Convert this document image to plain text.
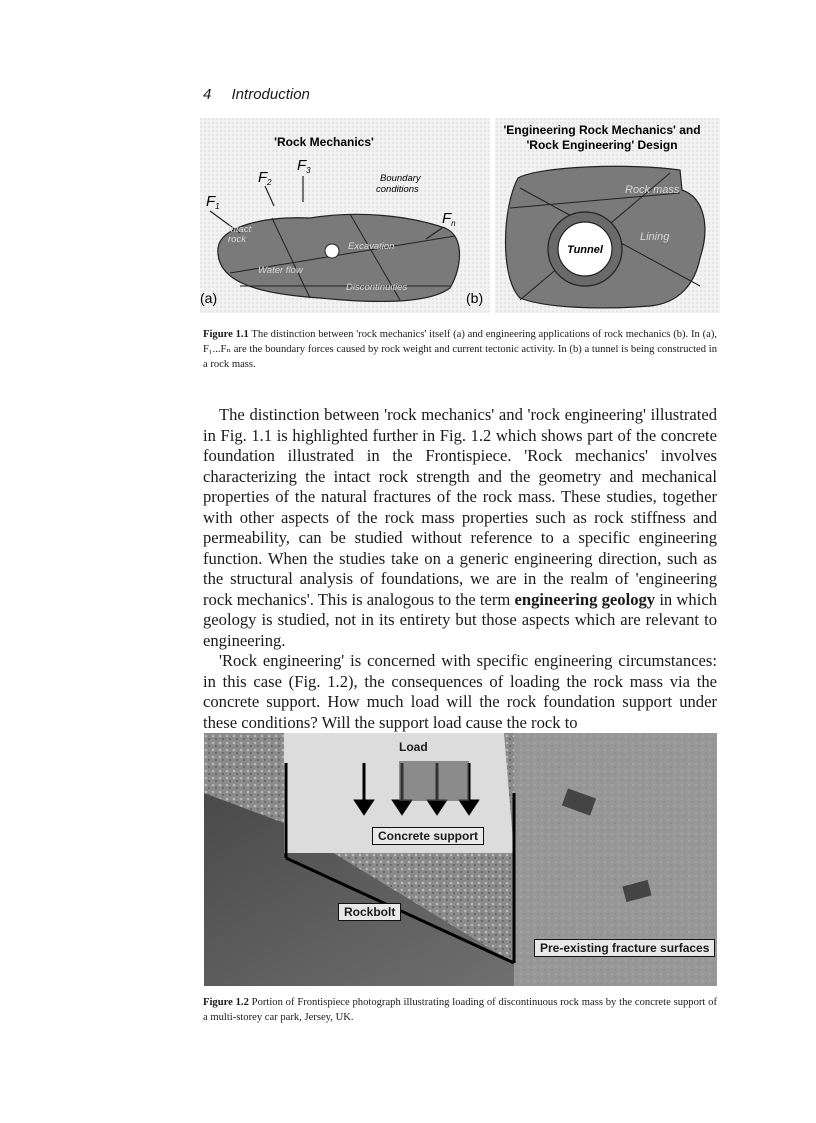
4 Introduction
'Rock Mechanics'
$F_1$
$F_2$
$F_3$
$F_n$
Boundary
conditions
Intact
rock
Excavation
Water flow
Discontinuities
(a)
'Engineering Rock Mechanics' and
'Rock Engineering' Design
Tunnel
Rock mass
Lining
(b)
Figure 1.1 The distinction between 'rock mechanics' itself (a) and engineering applications of rock mechanics (b). In (a), F₁...Fₙ are the boundary forces caused by rock weight and current tectonic activity. In (b) a tunnel is being constructed in a rock mass.

The distinction between 'rock mechanics' and 'rock engineering' illustrated in Fig. 1.1 is highlighted further in Fig. 1.2 which shows part of the concrete foundation illustrated in the Frontispiece. 'Rock mechanics' involves characterizing the intact rock strength and the geometry and mechanical properties of the natural fractures of the rock mass. These studies, together with other aspects of the rock mass properties such as rock stiffness and permeability, can be studied without reference to a specific engineering function. When the studies take on a generic engineering direction, such as the structural analysis of foundations, we are in the realm of 'engineering rock mechanics'. This is analogous to the term engineering geology in which geology is studied, not in its entirety but those aspects which are relevant to engineering.

'Rock engineering' is concerned with specific engineering circumstances: in this case (Fig. 1.2), the consequences of loading the rock mass via the concrete support. How much load will the rock foundation support under these conditions? Will the support load cause the rock to

Load
Concrete support
Rockbolt
Pre-existing fracture surfaces
Figure 1.2 Portion of Frontispiece photograph illustrating loading of discontinuous rock mass by the concrete support of a multi-storey car park, Jersey, UK.
